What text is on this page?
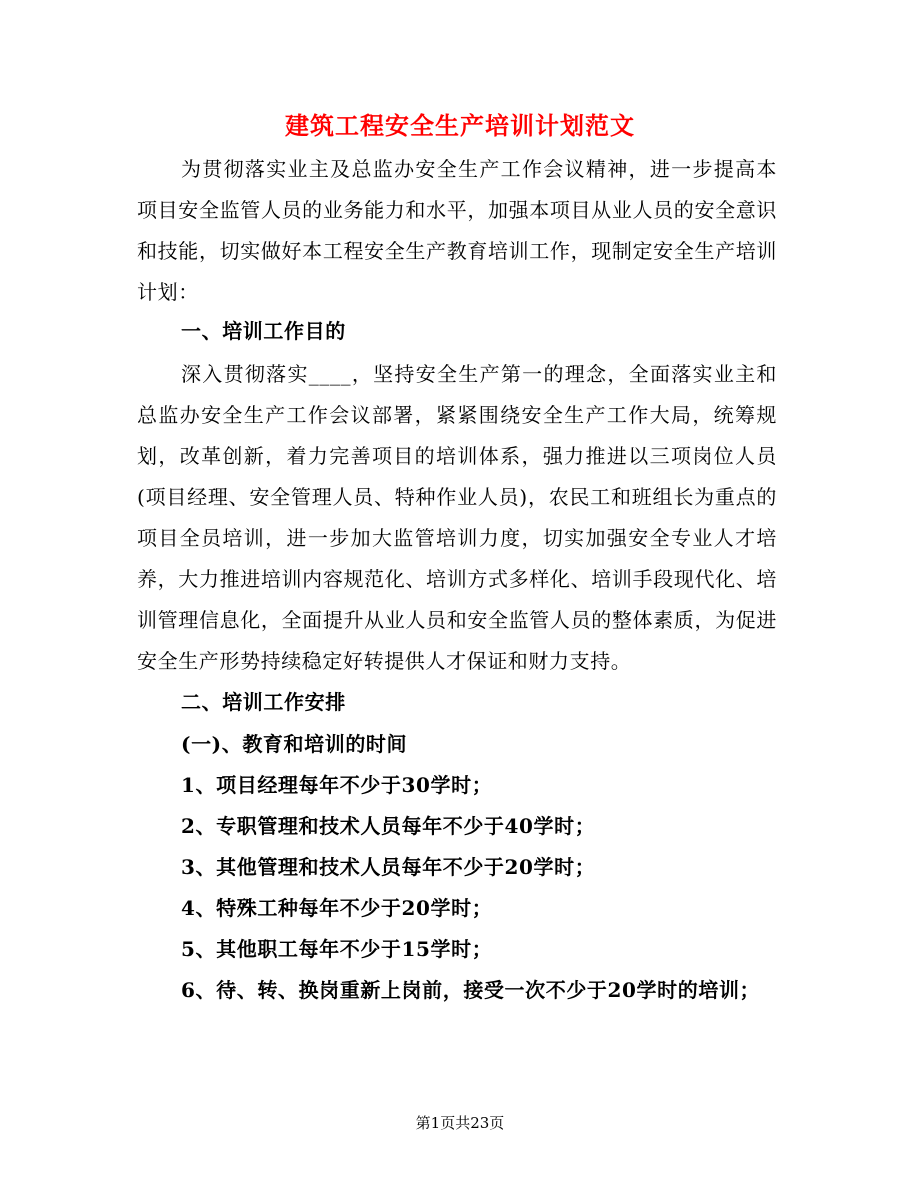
建筑工程安全生产培训计划范文

为贯彻落实业主及总监办安全生产工作会议精神，进一步提高本项目安全监管人员的业务能力和水平，加强本项目从业人员的安全意识和技能，切实做好本工程安全生产教育培训工作，现制定安全生产培训计划：

一、培训工作目的

深入贯彻落实____，坚持安全生产第一的理念，全面落实业主和总监办安全生产工作会议部署，紧紧围绕安全生产工作大局，统筹规划，改革创新，着力完善项目的培训体系，强力推进以三项岗位人员(项目经理、安全管理人员、特种作业人员)，农民工和班组长为重点的项目全员培训，进一步加大监管培训力度，切实加强安全专业人才培养，大力推进培训内容规范化、培训方式多样化、培训手段现代化、培训管理信息化，全面提升从业人员和安全监管人员的整体素质，为促进安全生产形势持续稳定好转提供人才保证和财力支持。

二、培训工作安排
(一)、教育和培训的时间
1、项目经理每年不少于30学时；
2、专职管理和技术人员每年不少于40学时；
3、其他管理和技术人员每年不少于20学时；
4、特殊工种每年不少于20学时；
5、其他职工每年不少于15学时；
6、待、转、换岗重新上岗前，接受一次不少于20学时的培训；

第1页共23页
